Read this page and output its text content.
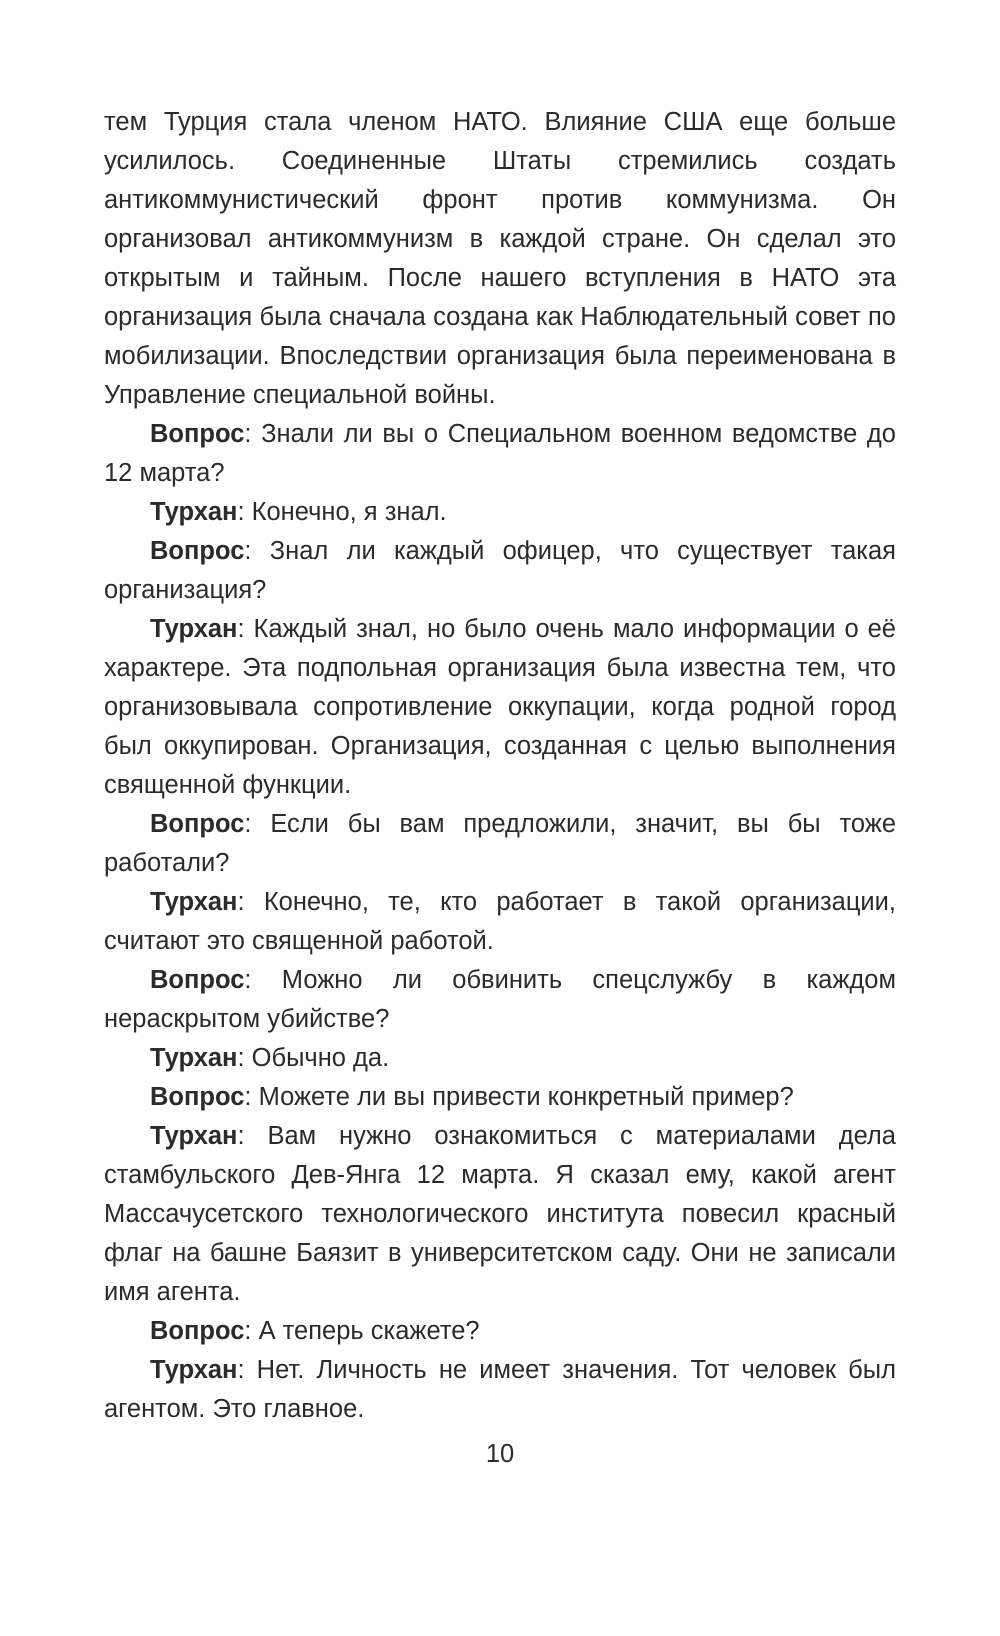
тем Турция стала членом НАТО. Влияние США еще больше усилилось. Соединенные Штаты стремились создать антикоммунистический фронт против коммунизма. Он организовал антикоммунизм в каждой стране. Он сделал это открытым и тайным. После нашего вступления в НАТО эта организация была сначала создана как Наблюдательный совет по мобилизации. Впоследствии организация была переименована в Управление специальной войны.

Вопрос: Знали ли вы о Специальном военном ведомстве до 12 марта?

Турхан: Конечно, я знал.

Вопрос: Знал ли каждый офицер, что существует такая организация?

Турхан: Каждый знал, но было очень мало информации о её характере. Эта подпольная организация была известна тем, что организовывала сопротивление оккупации, когда родной город был оккупирован. Организация, созданная с целью выполнения священной функции.

Вопрос: Если бы вам предложили, значит, вы бы тоже работали?

Турхан: Конечно, те, кто работает в такой организации, считают это священной работой.

Вопрос: Можно ли обвинить спецслужбу в каждом нераскрытом убийстве?

Турхан: Обычно да.

Вопрос: Можете ли вы привести конкретный пример?

Турхан: Вам нужно ознакомиться с материалами дела стамбульского Дев-Янга 12 марта. Я сказал ему, какой агент Массачусетского технологического института повесил красный флаг на башне Баязит в университетском саду. Они не записали имя агента.

Вопрос: А теперь скажете?

Турхан: Нет. Личность не имеет значения. Тот человек был агентом. Это главное.

10
